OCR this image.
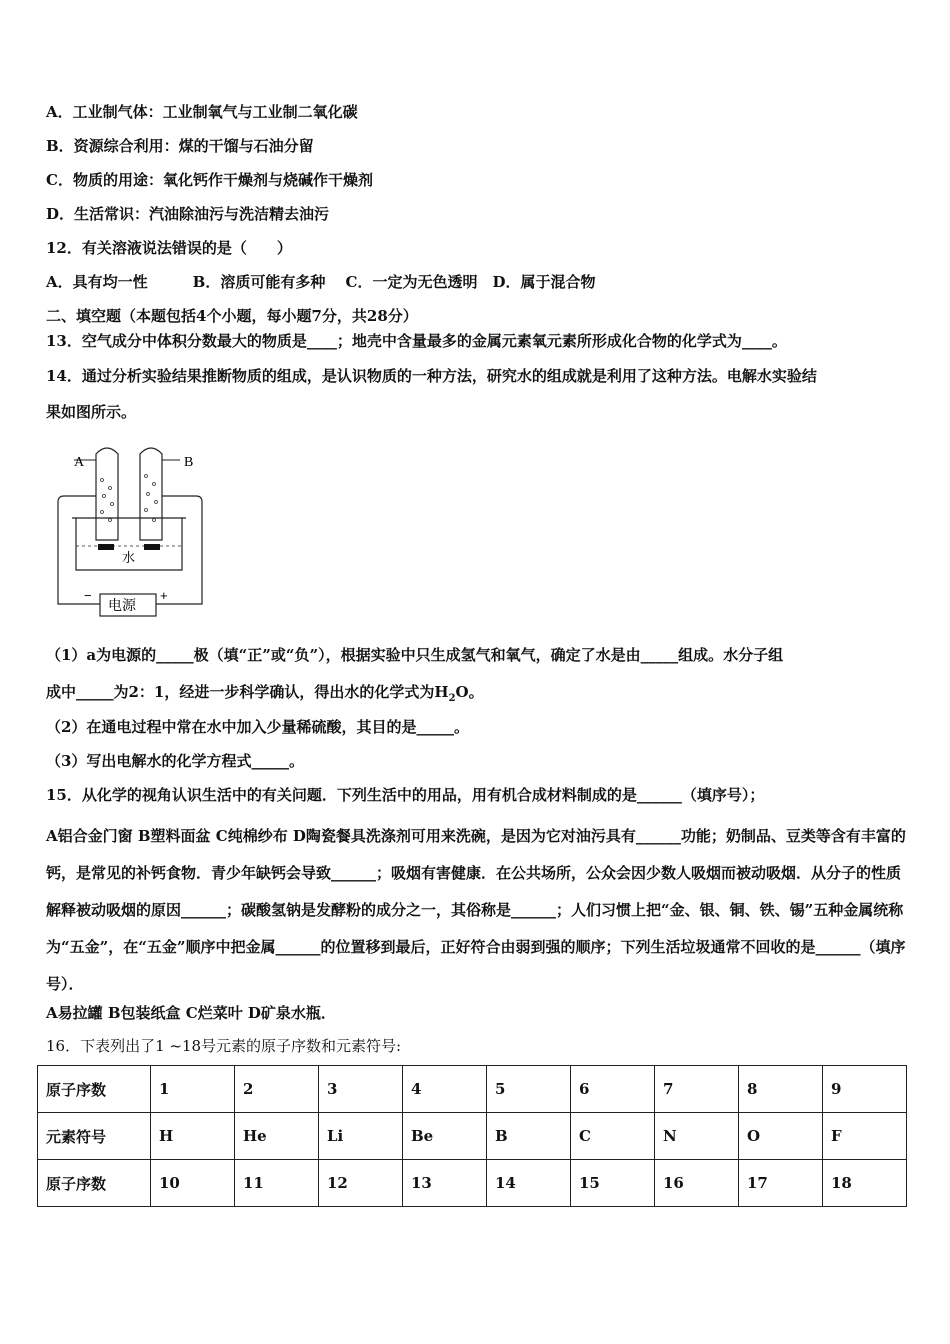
A．工业制气体：工业制氧气与工业制二氧化碳
B．资源综合利用：煤的干馏与石油分留
C．物质的用途：氧化钙作干燥剂与烧碱作干燥剂
D．生活常识：汽油除油污与洗洁精去油污
12．有关溶液说法错误的是（　　）
A．具有均一性　　　B．溶质可能有多种　 C．一定为无色透明　D．属于混合物
二、填空题（本题包括4个小题，每小题7分，共28分）
13．空气成分中体积分数最大的物质是____；地壳中含量最多的金属元素氧元素所形成化合物的化学式为____。
14．通过分析实验结果推断物质的组成，是认识物质的一种方法，研究水的组成就是利用了这种方法。电解水实验结
果如图所示。
A	B
水
−	+
电源
（1）a为电源的_____极（填“正”或“负”），根据实验中只生成氢气和氧气，确定了水是由_____组成。水分子组
成中_____为2：1，经进一步科学确认，得出水的化学式为$H_2O$。
（2）在通电过程中常在水中加入少量稀硫酸，其目的是_____。
（3）写出电解水的化学方程式_____。
15．从化学的视角认识生活中的有关问题．下列生活中的用品，用有机合成材料制成的是______（填序号）；
A铝合金门窗 B塑料面盆 C纯棉纱布 D陶瓷餐具洗涤剂可用来洗碗，是因为它对油污具有______功能；奶制品、豆类等含有丰富的钙，是常见的补钙食物．青少年缺钙会导致______；吸烟有害健康．在公共场所，公众会因少数人吸烟而被动吸烟．从分子的性质解释被动吸烟的原因______；碳酸氢钠是发酵粉的成分之一，其俗称是______；人们习惯上把“金、银、铜、铁、锡”五种金属统称为“五金”，在“五金”顺序中把金属______的位置移到最后，正好符合由弱到强的顺序；下列生活垃圾通常不回收的是______（填序号）．
A易拉罐 B包装纸盒 C烂菜叶 D矿泉水瓶．
16．下表列出了1 ~18号元素的原子序数和元素符号:
原子序数	1	2	3	4	5	6	7	8	9
元素符号	H	He	Li	Be	B	C	N	O	F
原子序数	10	11	12	13	14	15	16	17	18
